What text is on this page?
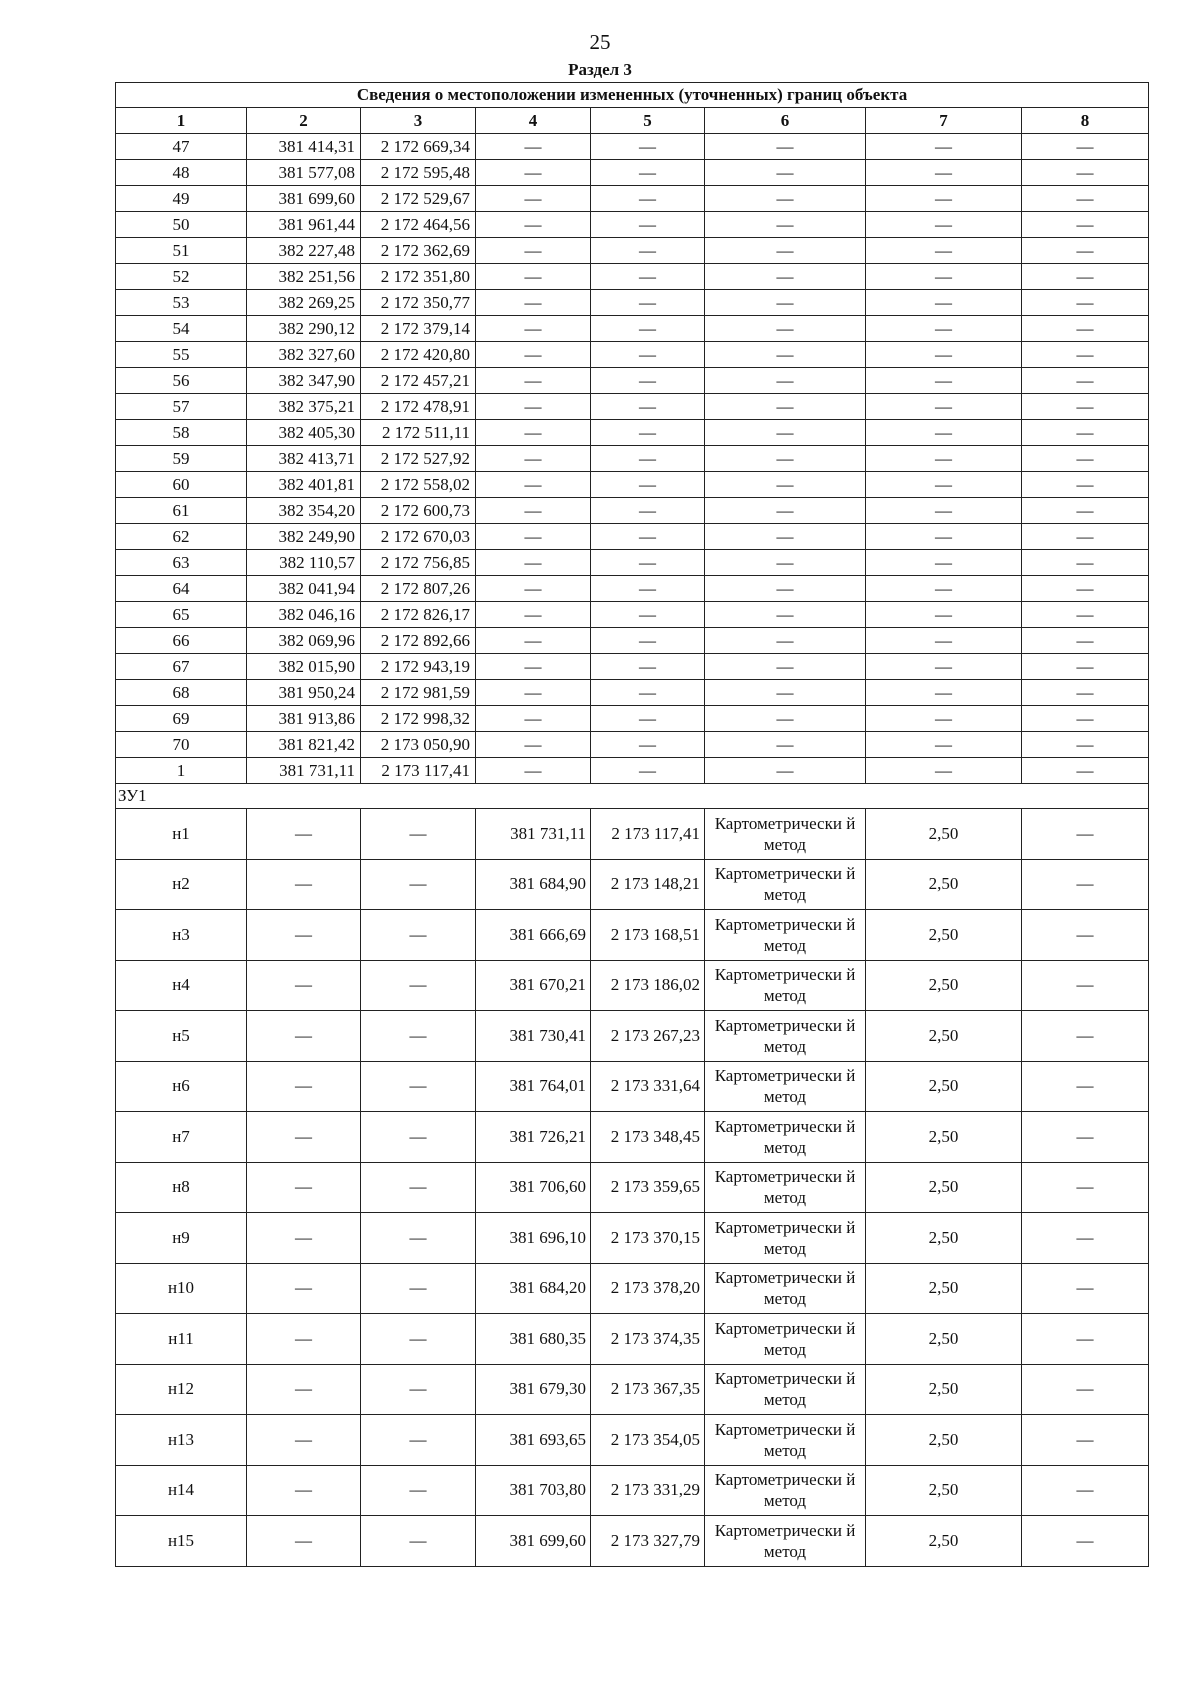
25
Раздел 3
Сведения о местоположении измененных (уточненных) границ объекта							
1	2	3	4	5	6	7	8
47	381 414,31	2 172 669,34	—	—	—	—	—
48	381 577,08	2 172 595,48	—	—	—	—	—
49	381 699,60	2 172 529,67	—	—	—	—	—
50	381 961,44	2 172 464,56	—	—	—	—	—
51	382 227,48	2 172 362,69	—	—	—	—	—
52	382 251,56	2 172 351,80	—	—	—	—	—
53	382 269,25	2 172 350,77	—	—	—	—	—
54	382 290,12	2 172 379,14	—	—	—	—	—
55	382 327,60	2 172 420,80	—	—	—	—	—
56	382 347,90	2 172 457,21	—	—	—	—	—
57	382 375,21	2 172 478,91	—	—	—	—	—
58	382 405,30	2 172 511,11	—	—	—	—	—
59	382 413,71	2 172 527,92	—	—	—	—	—
60	382 401,81	2 172 558,02	—	—	—	—	—
61	382 354,20	2 172 600,73	—	—	—	—	—
62	382 249,90	2 172 670,03	—	—	—	—	—
63	382 110,57	2 172 756,85	—	—	—	—	—
64	382 041,94	2 172 807,26	—	—	—	—	—
65	382 046,16	2 172 826,17	—	—	—	—	—
66	382 069,96	2 172 892,66	—	—	—	—	—
67	382 015,90	2 172 943,19	—	—	—	—	—
68	381 950,24	2 172 981,59	—	—	—	—	—
69	381 913,86	2 172 998,32	—	—	—	—	—
70	381 821,42	2 173 050,90	—	—	—	—	—
1	381 731,11	2 173 117,41	—	—	—	—	—
ЗУ1							
н1	—	—	381 731,11	2 173 117,41	Картометрически й метод	2,50	—
н2	—	—	381 684,90	2 173 148,21	Картометрически й метод	2,50	—
н3	—	—	381 666,69	2 173 168,51	Картометрически й метод	2,50	—
н4	—	—	381 670,21	2 173 186,02	Картометрически й метод	2,50	—
н5	—	—	381 730,41	2 173 267,23	Картометрически й метод	2,50	—
н6	—	—	381 764,01	2 173 331,64	Картометрически й метод	2,50	—
н7	—	—	381 726,21	2 173 348,45	Картометрически й метод	2,50	—
н8	—	—	381 706,60	2 173 359,65	Картометрически й метод	2,50	—
н9	—	—	381 696,10	2 173 370,15	Картометрически й метод	2,50	—
н10	—	—	381 684,20	2 173 378,20	Картометрически й метод	2,50	—
н11	—	—	381 680,35	2 173 374,35	Картометрически й метод	2,50	—
н12	—	—	381 679,30	2 173 367,35	Картометрически й метод	2,50	—
н13	—	—	381 693,65	2 173 354,05	Картометрически й метод	2,50	—
н14	—	—	381 703,80	2 173 331,29	Картометрически й метод	2,50	—
н15	—	—	381 699,60	2 173 327,79	Картометрически й метод	2,50	—
